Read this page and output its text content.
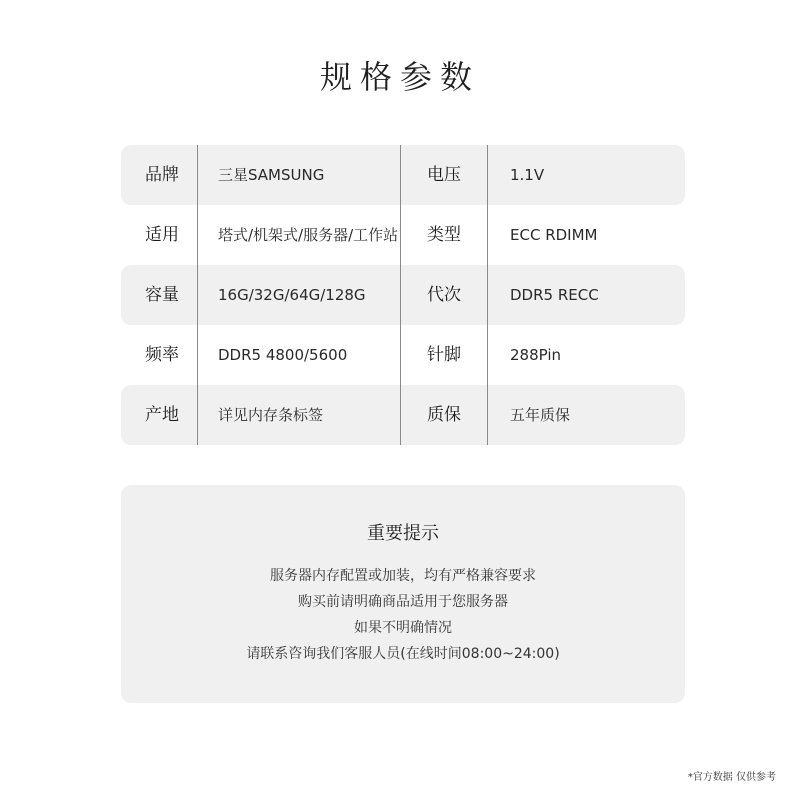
规格参数
品牌	三星SAMSUNG	电压	1.1V
适用	塔式/机架式/服务器/工作站 类型	ECC RDIMM
容量	16G/32G/64G/128G	代次	DDR5 RECC
频率	DDR5 4800/5600	针脚	288Pin
产地	详见内存条标签	质保	五年质保
重要提示
服务器内存配置或加装，均有严格兼容要求
购买前请明确商品适用于您服务器
如果不明确情况
请联系咨询我们客服人员(在线时间08:00~24:00)
*官方数据 仅供参考
